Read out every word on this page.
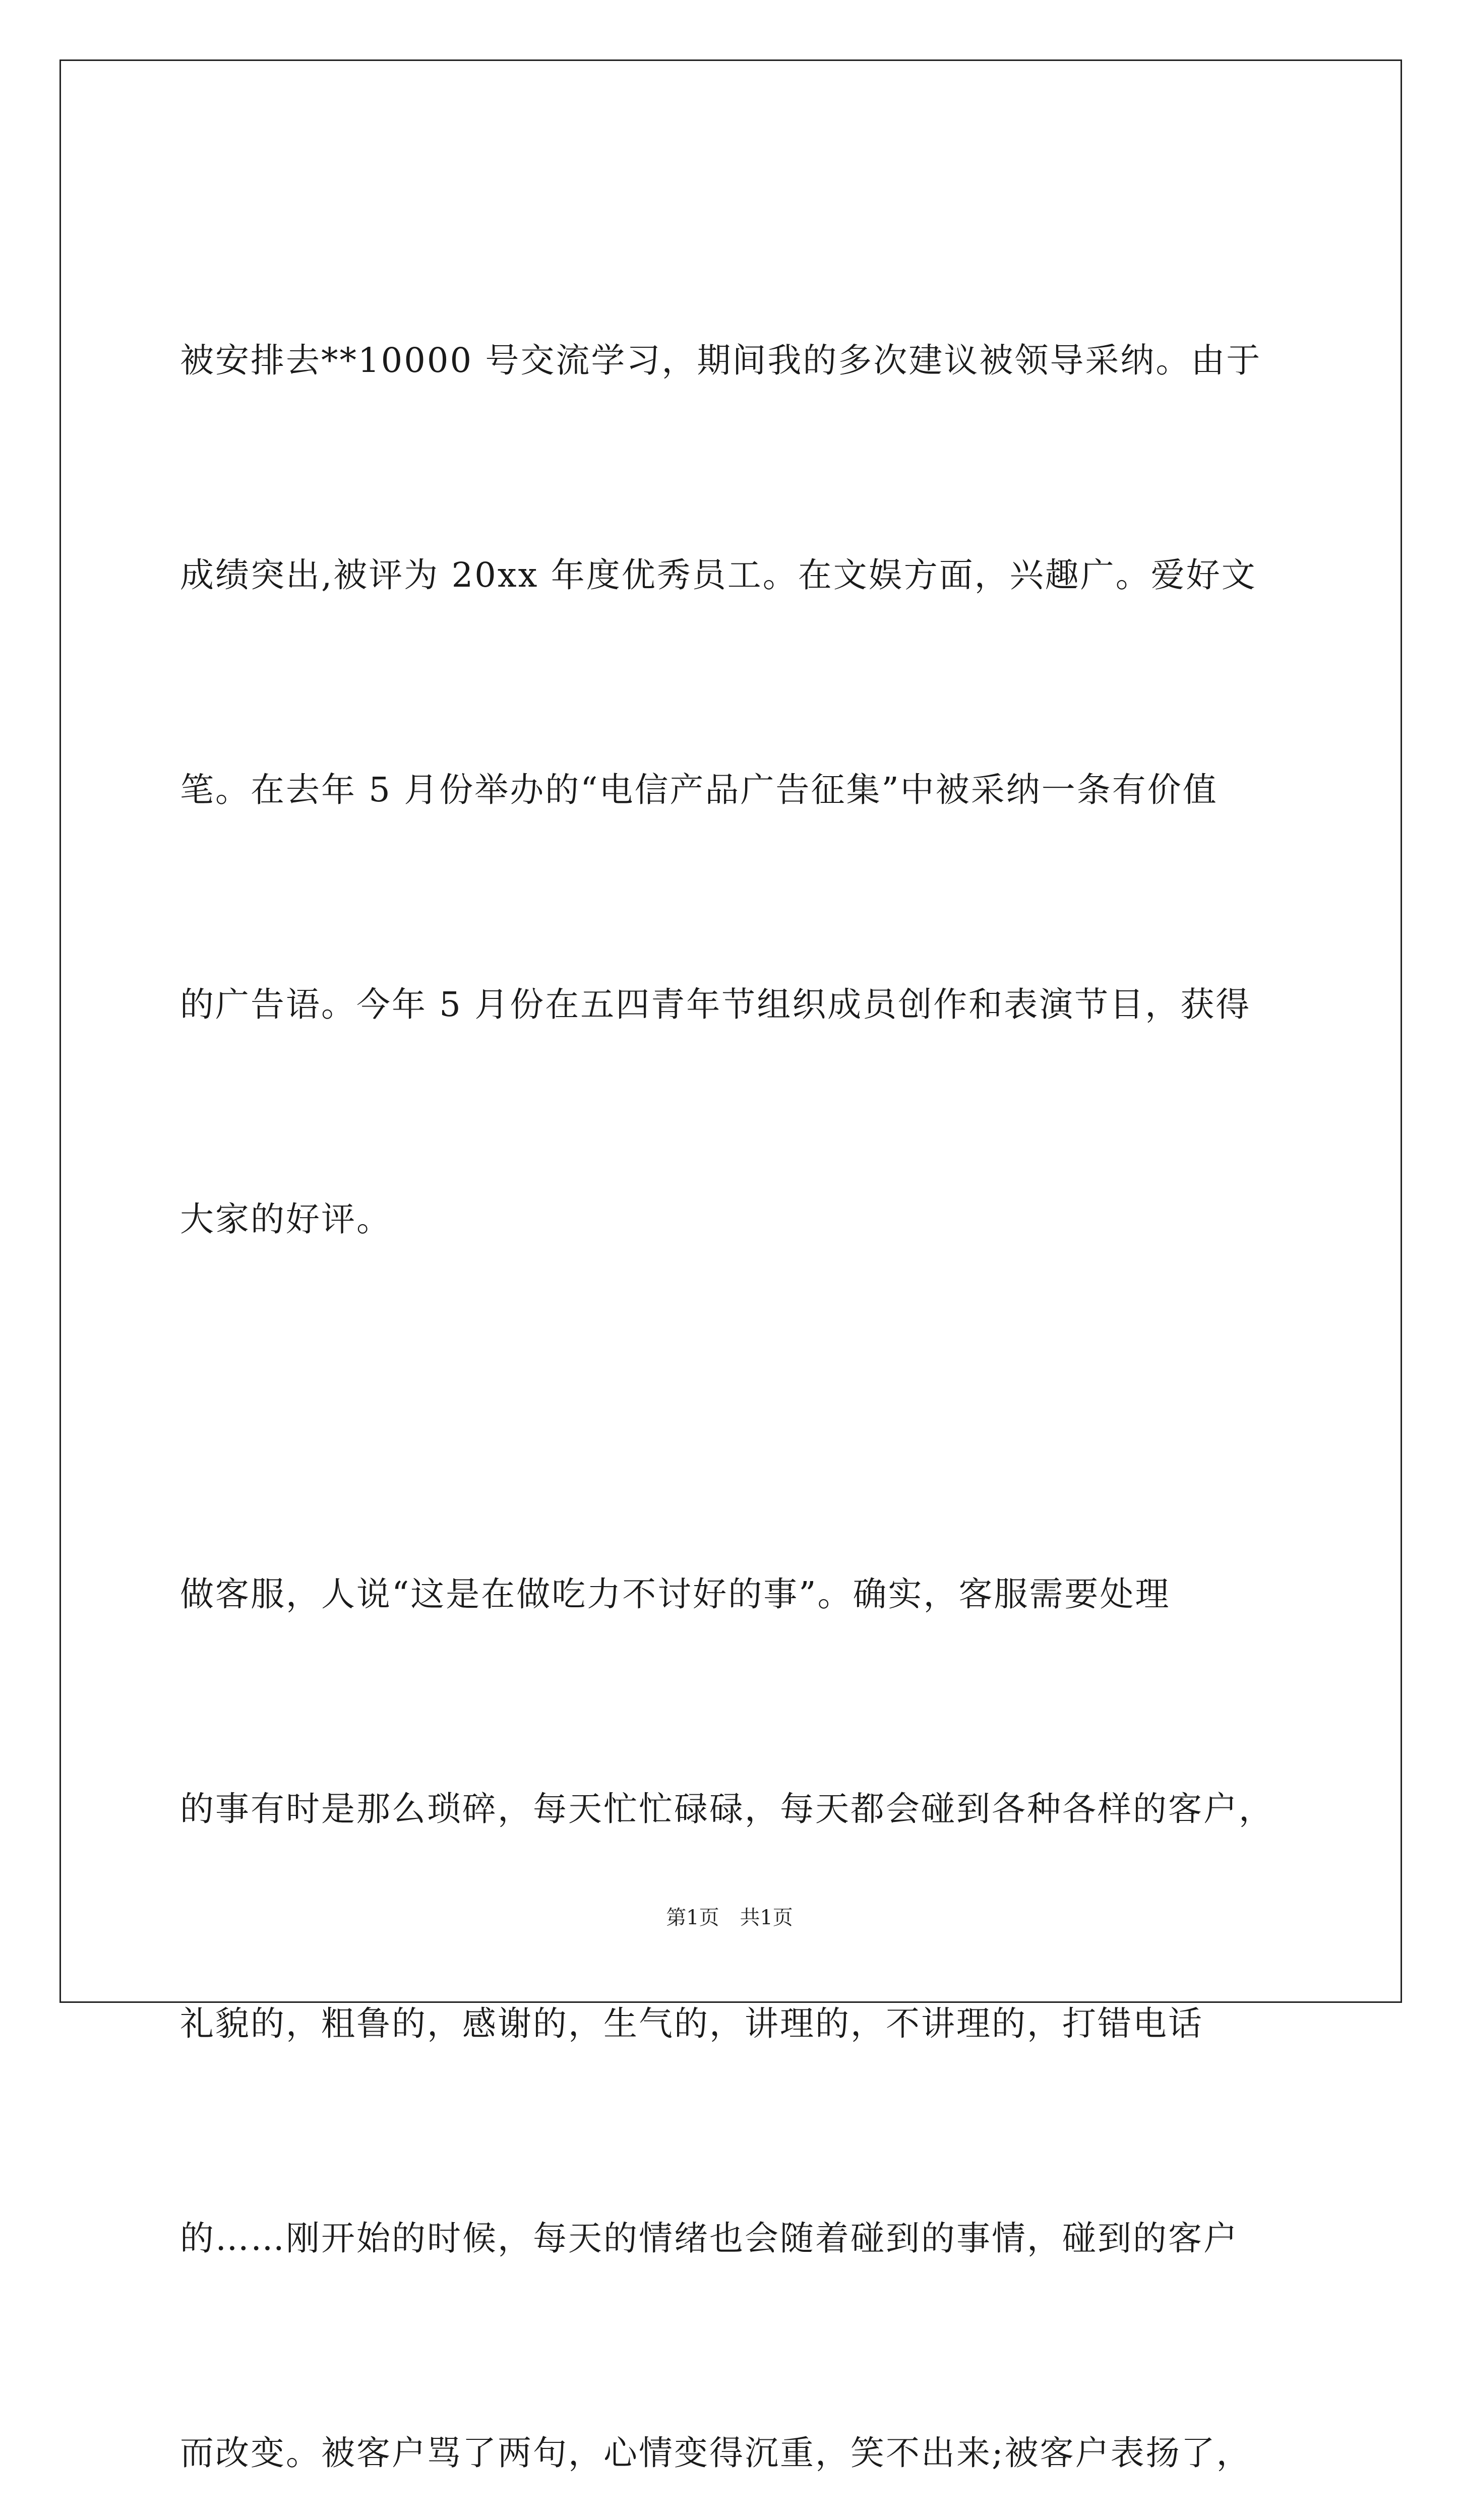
被安排去**10000 号交流学习，期间我的多次建议被领导采纳。由于

成绩突出,被评为 20xx 年度优秀员工。在文娱方面，兴趣广。爱好文

笔。在去年 5 月份举办的“电信产品广告征集”中被采纳一条有价值

的广告语。今年 5 月份在五四青年节组织成员创作和表演节目，获得

大家的好评。

做客服，人说“这是在做吃力不讨好的事”。确实，客服需要处理

的事有时是那么琐碎，每天忙忙碌碌，每天都会碰到各种各样的客户，

礼貌的，粗鲁的，感谢的，生气的，讲理的，不讲理的，打错电话

的……刚开始的时候，每天的情绪也会随着碰到的事情，碰到的客户

而改变。被客户骂了两句，心情变得沉重，笑不出来;被客户表扬了，

第1页 共1页
